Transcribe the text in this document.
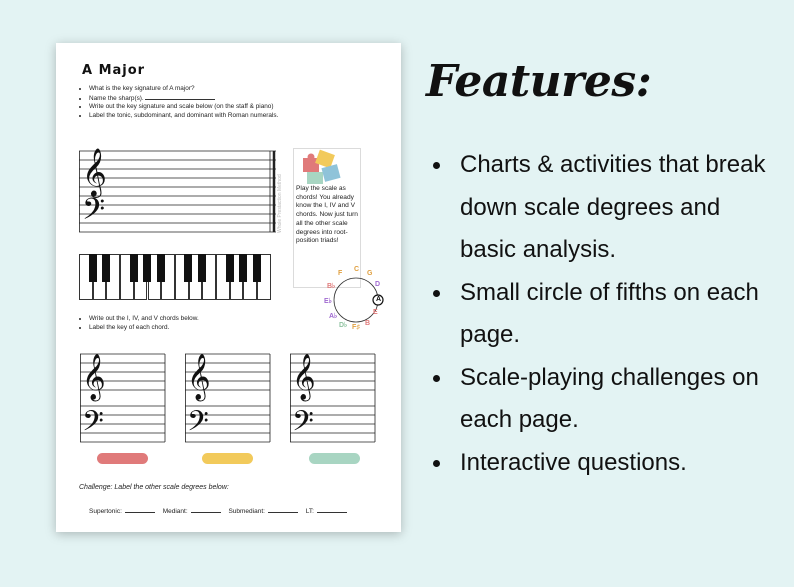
A Major
• What is the key signature of A major?
• Name the sharp(s).
• Write out the key signature and scale below (on the staff & piano)
• Label the tonic, subdominant, and dominant with Roman numerals.
𝄞
𝄢
Play the scale as chords! You already know the I, IV and V chords. Now just turn all the other scale degrees into root-position triads!
Whole Prestaction Method
C
G
D
A
E
B
F♯
D♭
A♭
E♭
B♭
F
• Write out the I, IV, and V chords below.
• Label the key of each chord.
𝄞
𝄢
𝄞
𝄢
𝄞
𝄢
Challenge: Label the other scale degrees below:
Supertonic:	Mediant:	Submediant:	LT:
Features:
Charts & activities that break down scale degrees and basic analysis.
Small circle of fifths on each page.
Scale-playing challenges on each page.
Interactive questions.
